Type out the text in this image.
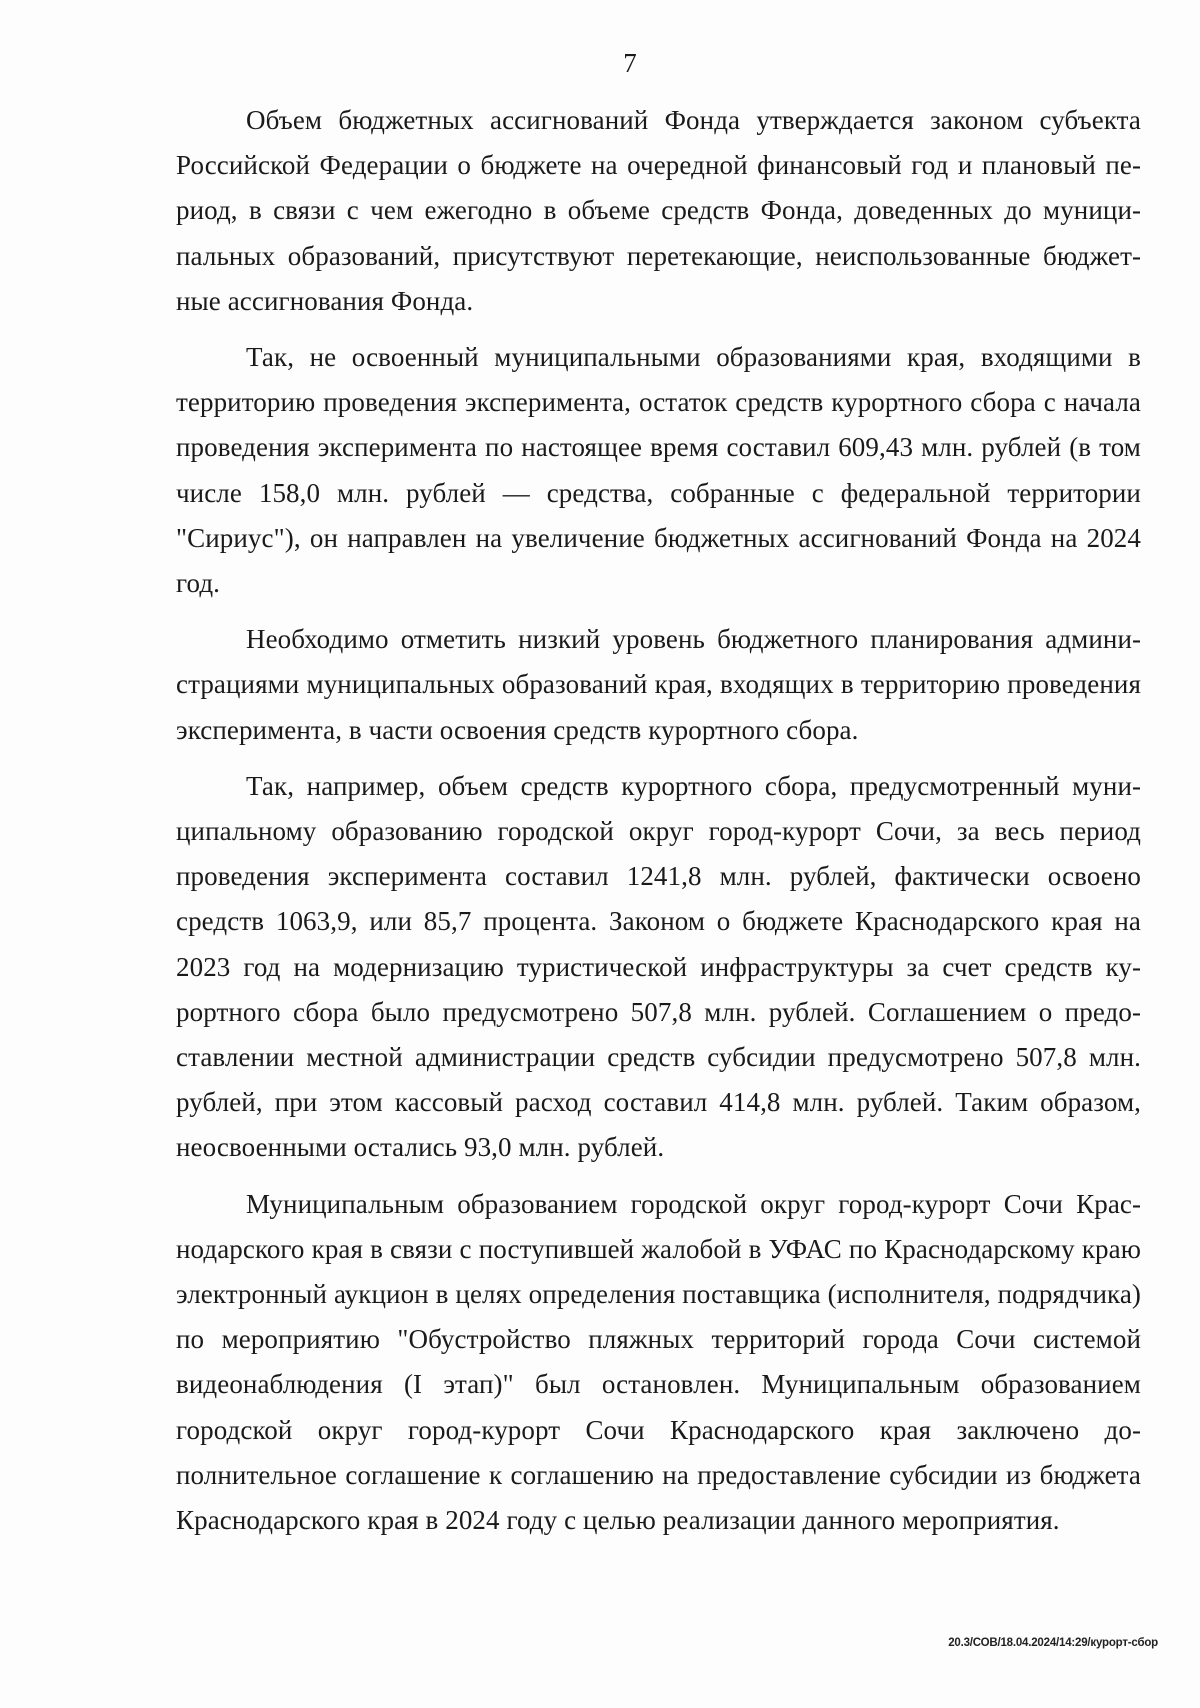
7

Объем бюджетных ассигнований Фонда утверждается законом субъекта Российской Федерации о бюджете на очередной финансовый год и плановый период, в связи с чем ежегодно в объеме средств Фонда, доведенных до муниципальных образований, присутствуют перетекающие, неиспользованные бюджетные ассигнования Фонда.

Так, не освоенный муниципальными образованиями края, входящими в территорию проведения эксперимента, остаток средств курортного сбора с начала проведения эксперимента по настоящее время составил 609,43 млн. рублей (в том числе 158,0 млн. рублей — средства, собранные с федеральной территории "Сириус"), он направлен на увеличение бюджетных ассигнований Фонда на 2024 год.

Необходимо отметить низкий уровень бюджетного планирования администрациями муниципальных образований края, входящих в территорию проведения эксперимента, в части освоения средств курортного сбора.

Так, например, объем средств курортного сбора, предусмотренный муниципальному образованию городской округ город-курорт Сочи, за весь период проведения эксперимента составил 1241,8 млн. рублей, фактически освоено средств 1063,9, или 85,7 процента. Законом о бюджете Краснодарского края на 2023 год на модернизацию туристической инфраструктуры за счет средств курортного сбора было предусмотрено 507,8 млн. рублей. Соглашением о предоставлении местной администрации средств субсидии предусмотрено 507,8 млн. рублей, при этом кассовый расход составил 414,8 млн. рублей. Таким образом, неосвоенными остались 93,0 млн. рублей.

Муниципальным образованием городской округ город-курорт Сочи Краснодарского края в связи с поступившей жалобой в УФАС по Краснодарскому краю электронный аукцион в целях определения поставщика (исполнителя, подрядчика) по мероприятию "Обустройство пляжных территорий города Сочи системой видеонаблюдения (I этап)" был остановлен. Муниципальным образованием городской округ город-курорт Сочи Краснодарского края заключено дополнительное соглашение к соглашению на предоставление субсидии из бюджета Краснодарского края в 2024 году с целью реализации данного мероприятия.

20.3/СОВ/18.04.2024/14:29/курорт-сбор
